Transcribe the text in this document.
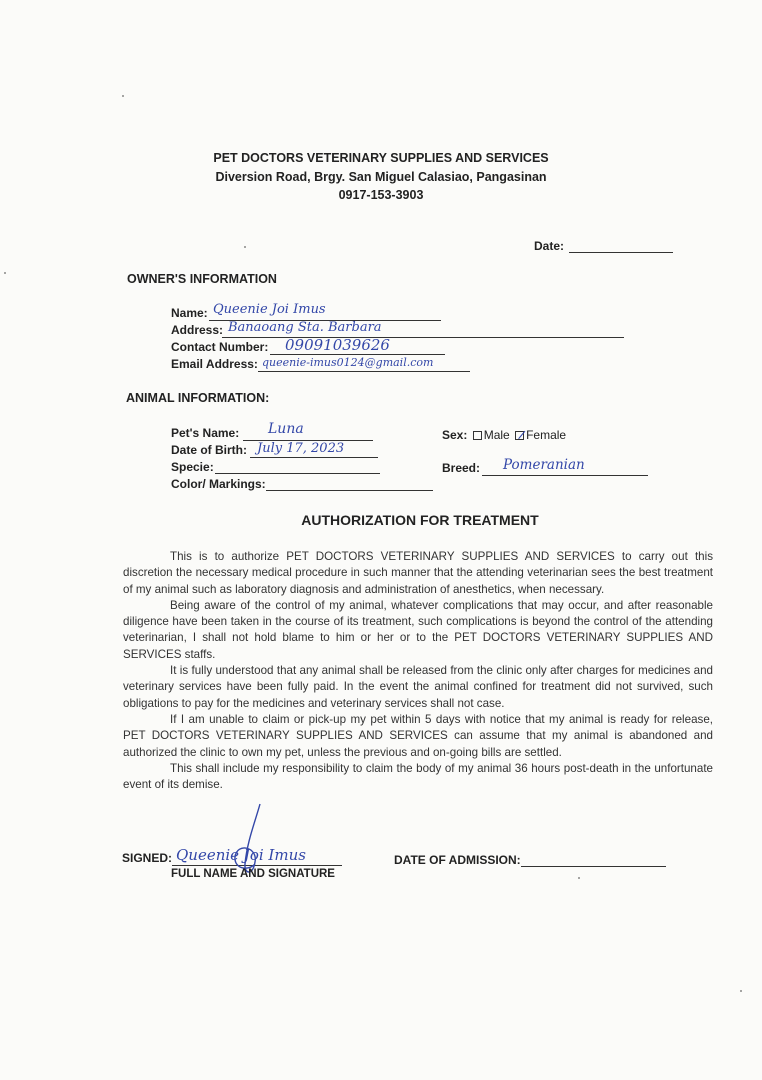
PET DOCTORS VETERINARY SUPPLIES AND SERVICES
Diversion Road, Brgy. San Miguel Calasiao, Pangasinan
0917-153-3903
Date:
OWNER'S INFORMATION
Name: Queenie Joi Imus
Address: Banaoang Sta. Barbara
Contact Number: 09091039626
Email Address: queenie-imus0124@gmail.com
ANIMAL INFORMATION:
Pet's Name: Luna
Date of Birth: July 17, 2023
Specie:
Color/ Markings:
Sex: Male Female
Breed: Pomeranian
AUTHORIZATION FOR TREATMENT

This is to authorize PET DOCTORS VETERINARY SUPPLIES AND SERVICES to carry out this discretion the necessary medical procedure in such manner that the attending veterinarian sees the best treatment of my animal such as laboratory diagnosis and administration of anesthetics, when necessary.

Being aware of the control of my animal, whatever complications that may occur, and after reasonable diligence have been taken in the course of its treatment, such complications is beyond the control of the attending veterinarian, I shall not hold blame to him or her or to the PET DOCTORS VETERINARY SUPPLIES AND SERVICES staffs.

It is fully understood that any animal shall be released from the clinic only after charges for medicines and veterinary services have been fully paid. In the event the animal confined for treatment did not survived, such obligations to pay for the medicines and veterinary services shall not case.

If I am unable to claim or pick-up my pet within 5 days with notice that my animal is ready for release, PET DOCTORS VETERINARY SUPPLIES AND SERVICES can assume that my animal is abandoned and authorized the clinic to own my pet, unless the previous and on-going bills are settled.

This shall include my responsibility to claim the body of my animal 36 hours post-death in the unfortunate event of its demise.

SIGNED: Queenie Joi Imus
FULL NAME AND SIGNATURE
DATE OF ADMISSION:
